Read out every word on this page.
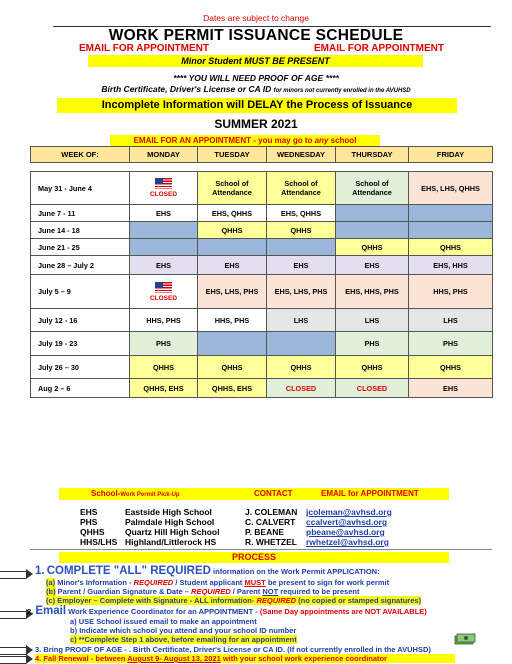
Dates are subject to change
WORK PERMIT ISSUANCE SCHEDULE
EMAIL FOR APPOINTMENT	EMAIL FOR APPOINTMENT
Minor Student MUST BE PRESENT
**** YOU WILL NEED PROOF OF AGE ****
Birth Certificate, Driver's License or CA ID for minors not currently enrolled in the AVUHSD
Incomplete Information will DELAY the Process of Issuance
SUMMER 2021
EMAIL FOR AN APPOINTMENT - you may go to any school
WEEK OF:	MONDAY	TUESDAY	WEDNESDAY	THURSDAY	FRIDAY

May 31 - June 4	CLOSED	School of Attendance	School of Attendance	School of Attendance	EHS, LHS, QHHS
June 7 - 11	EHS	EHS, QHHS	EHS, QHHS		
June 14 - 18		QHHS	QHHS		
June 21 - 25				QHHS	QHHS
June 28 – July 2	EHS	EHS	EHS	EHS	EHS, HHS
July 5 – 9	CLOSED	EHS, LHS, PHS	EHS, LHS, PHS	EHS, HHS, PHS	HHS, PHS
July 12 - 16	HHS, PHS	HHS, PHS	LHS	LHS	LHS
July 19 - 23	PHS			PHS	PHS
July 26 – 30	QHHS	QHHS	QHHS	QHHS	QHHS
Aug 2 – 6	QHHS, EHS	QHHS, EHS	CLOSED	CLOSED	EHS
School-Work Permit Pick-Up	CONTACT	EMAIL for APPOINTMENT
EHS	Eastside High School	J. COLEMAN jcoleman@avhsd.org
PHS	Palmdale High School	C. CALVERT ccalvert@avhsd.org
QHHS Quartz Hill High School	P. BEANE	pbeane@avhsd.org
HHS/LHS Highland/Littlerock HS	R. WHETZEL rwhetzel@avhsd.org
PROCESS
1. COMPLETE "ALL" REQUIRED information on the Work Permit APPLICATION:
(a) Minor's Information - REQUIRED / Student applicant MUST be present to sign for work permit
(b) Parent / Guardian Signature & Date – REQUIRED / Parent NOT required to be present
(c) Employer – Complete with Signature - ALL information- REQUIRED (no copied or stamped signatures)
2. Email Work Experience Coordinator for an APPOINTMENT - (Same Day appointments are NOT AVAILABLE)
a) USE School issued email to make an appointment
b) Indicate which school you attend and your school ID number
c) **Complete Step 1 above, before emailing for an appointment
3. Bring PROOF OF AGE - . Birth Certificate, Driver's License or CA ID. (If not currently enrolled in the AVUHSD)
4. Fall Renewal - between August 9- August 13, 2021 with your school work experience coordinator
